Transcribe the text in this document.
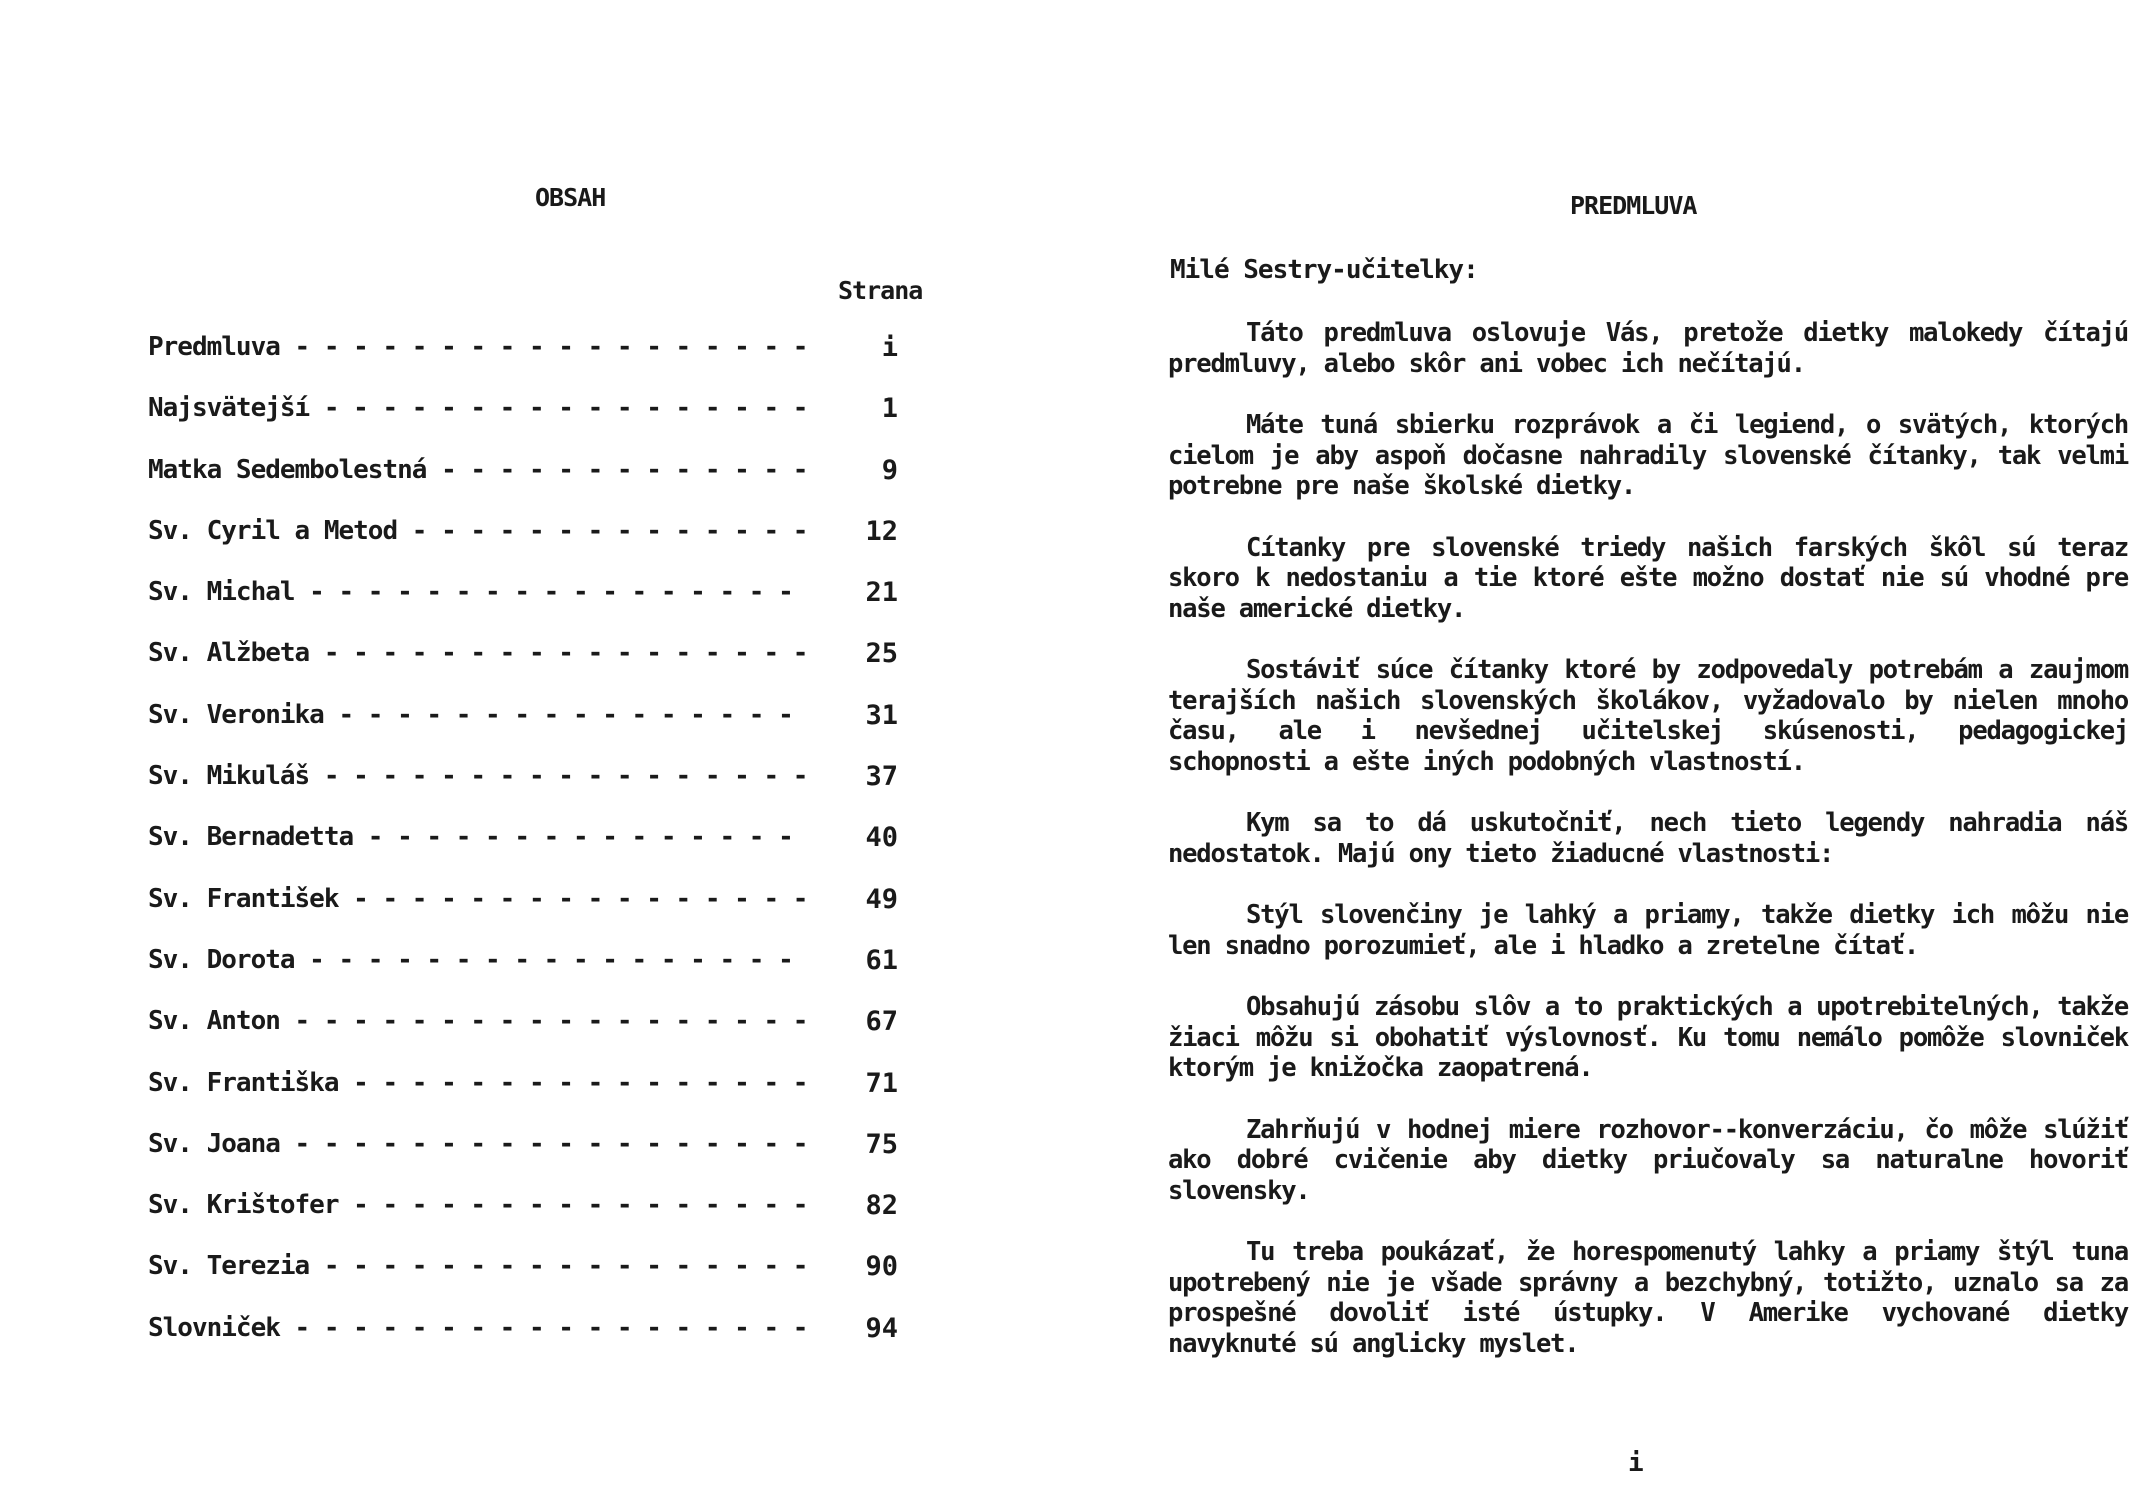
OBSAH
Strana
Predmluva - - - - - - - - - - - - - - - - - -	i
Najsvätejší - - - - - - - - - - - - - - - - -	1
Matka Sedembolestná - - - - - - - - - - - - -	9
Sv. Cyril a Metod - - - - - - - - - - - - - -	12
Sv. Michal - - - - - - - - - - - - - - - - -	21
Sv. Alžbeta - - - - - - - - - - - - - - - - -	25
Sv. Veronika - - - - - - - - - - - - - - - -	31
Sv. Mikuláš - - - - - - - - - - - - - - - - -	37
Sv. Bernadetta - - - - - - - - - - - - - - -	40
Sv. František - - - - - - - - - - - - - - - -	49
Sv. Dorota - - - - - - - - - - - - - - - - -	61
Sv. Anton - - - - - - - - - - - - - - - - - -	67
Sv. Františka - - - - - - - - - - - - - - - -	71
Sv. Joana - - - - - - - - - - - - - - - - - -	75
Sv. Krištofer - - - - - - - - - - - - - - - -	82
Sv. Terezia - - - - - - - - - - - - - - - - -	90
Slovniček - - - - - - - - - - - - - - - - - -	94
PREDMLUVA
Milé Sestry-učitelky:

Táto predmluva oslovuje Vás, pretože dietky malokedy čítajú predmluvy, alebo skôr ani vobec ich nečítajú.

Máte tuná sbierku rozprávok a či legiend, o svätých, ktorých cielom je aby aspoň dočasne nahradily slovenské čítanky, tak velmi potrebne pre naše školské dietky.

Cítanky pre slovenské triedy našich farských škôl sú teraz skoro k nedostaniu a tie ktoré ešte možno dostať nie sú vhodné pre naše americké dietky.

Sostáviť súce čítanky ktoré by zodpovedaly potrebám a zaujmom terajších našich slovenských školákov, vyžadovalo by nielen mnoho času, ale i nevšednej učitelskej skúsenosti, pedagogickej schopnosti a ešte iných podobných vlastností.

Kym sa to dá uskutočniť, nech tieto legendy nahradia náš nedostatok. Majú ony tieto žiaducné vlastnosti:

Stýl slovenčiny je lahký a priamy, takže dietky ich môžu nie len snadno porozumieť, ale i hladko a zretelne čítať.

Obsahujú zásobu slôv a to praktických a upotrebitelných, takže žiaci môžu si obohatiť výslovnosť. Ku tomu nemálo pomôže slovniček ktorým je knižočka zaopatrená.

Zahrňujú v hodnej miere rozhovor--konverzáciu, čo môže slúžiť ako dobré cvičenie aby dietky priučovaly sa naturalne hovoriť slovensky.

Tu treba poukázať, že horespomenutý lahky a priamy štýl tuna upotrebený nie je všade správny a bezchybný, totižto, uznalo sa za prospešné dovoliť isté ústupky. V Amerike vychované dietky navyknuté sú anglicky myslet.

i
